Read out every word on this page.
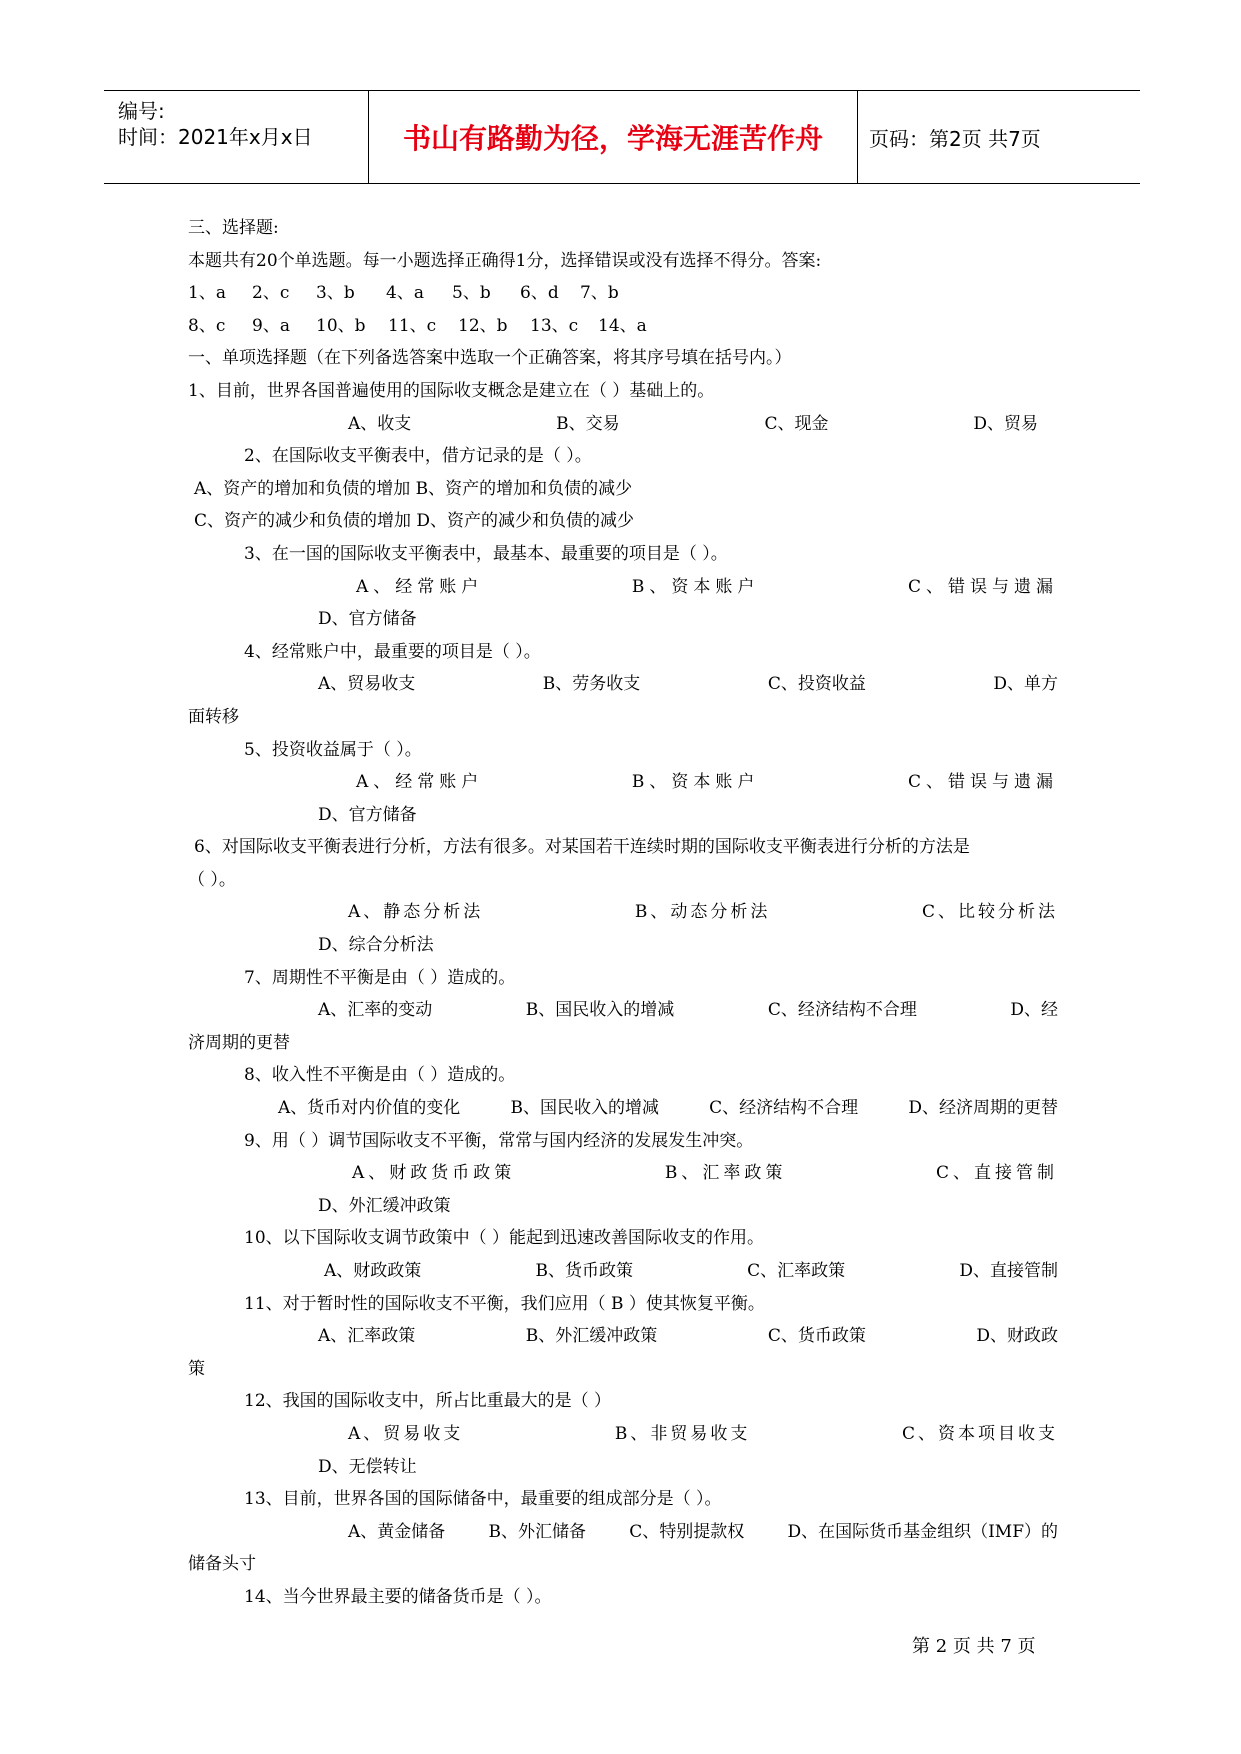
编号:
时间：2021年x月x日	书山有路勤为径，学海无涯苦作舟	页码：第2页 共7页
三、选择题:
本题共有20个单选题。每一小题选择正确得1分，选择错误或没有选择不得分。答案:
1、a	2、c	3、b	4、a	5、b	6、d	7、b
8、c	9、a	10、b	11、c	12、b	13、c	14、a
一、单项选择题（在下列备选答案中选取一个正确答案，将其序号填在括号内。）
1、目前，世界各国普遍使用的国际收支概念是建立在（ ）基础上的。
A、收支	B、交易	C、现金	D、贸易
2、在国际收支平衡表中，借方记录的是（ ）。
A、资产的增加和负债的增加 B、资产的增加和负债的减少
C、资产的减少和负债的增加 D、资产的减少和负债的减少
3、在一国的国际收支平衡表中，最基本、最重要的项目是（ ）。
A、经常账户	B、资本账户	C、错误与遗漏
D、官方储备
4、经常账户中，最重要的项目是（ ）。
A、贸易收支	B、劳务收支	C、投资收益	D、单方
面转移
5、投资收益属于（ ）。
A、经常账户	B、资本账户	C、错误与遗漏
D、官方储备
6、对国际收支平衡表进行分析，方法有很多。对某国若干连续时期的国际收支平衡表进行分析的方法是
（ ）。
A、静态分析法	B、动态分析法	C、比较分析法
D、综合分析法
7、周期性不平衡是由（ ）造成的。
A、汇率的变动	B、国民收入的增减	C、经济结构不合理	D、经
济周期的更替
8、收入性不平衡是由（ ）造成的。
A、货币对内价值的变化	B、国民收入的增减	C、经济结构不合理	D、经济周期的更替
9、用（ ）调节国际收支不平衡，常常与国内经济的发展发生冲突。
A、财政货币政策	B、汇率政策	C、直接管制
D、外汇缓冲政策
10、以下国际收支调节政策中（ ）能起到迅速改善国际收支的作用。
A、财政政策	B、货币政策	C、汇率政策	D、直接管制
11、对于暂时性的国际收支不平衡，我们应用（ B ）使其恢复平衡。
A、汇率政策	B、外汇缓冲政策	C、货币政策	D、财政政
策
12、我国的国际收支中，所占比重最大的是（ ）
A、贸易收支	B、非贸易收支	C、资本项目收支
D、无偿转让
13、目前，世界各国的国际储备中，最重要的组成部分是（ ）。
A、黄金储备	B、外汇储备	C、特别提款权	D、在国际货币基金组织（IMF）的
储备头寸
14、当今世界最主要的储备货币是（ ）。
第 2 页 共 7 页
